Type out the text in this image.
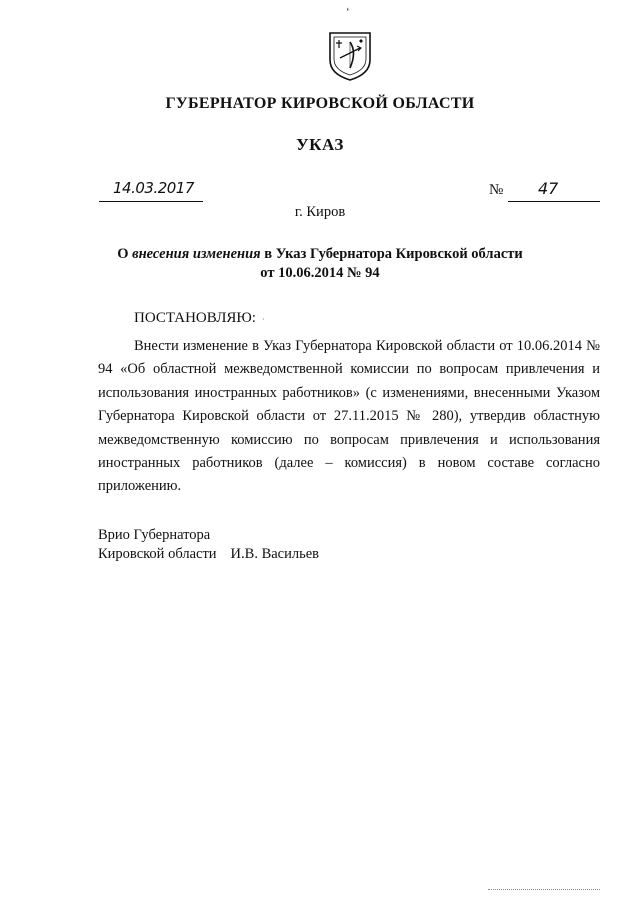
‘
ГУБЕРНАТОР КИРОВСКОЙ ОБЛАСТИ
УКАЗ
14.03.2017	№ 47
г. Киров
О внесения изменения в Указ Губернатора Кировской области
от 10.06.2014 № 94
ПОСТАНОВЛЯЮ: ·

Внести изменение в Указ Губернатора Кировской области от 10.06.2014 № 94 «Об областной межведомственной комиссии по вопросам привлечения и использования иностранных работников» (с изменениями, внесенными Указом Губернатора Кировской области от 27.11.2015 № 280), утвердив областную межведомственную комиссию по вопросам привлечения и использования иностранных работников (далее – комиссия) в новом составе согласно приложению.

Врио Губернатора
Кировской области И.В. Васильев
